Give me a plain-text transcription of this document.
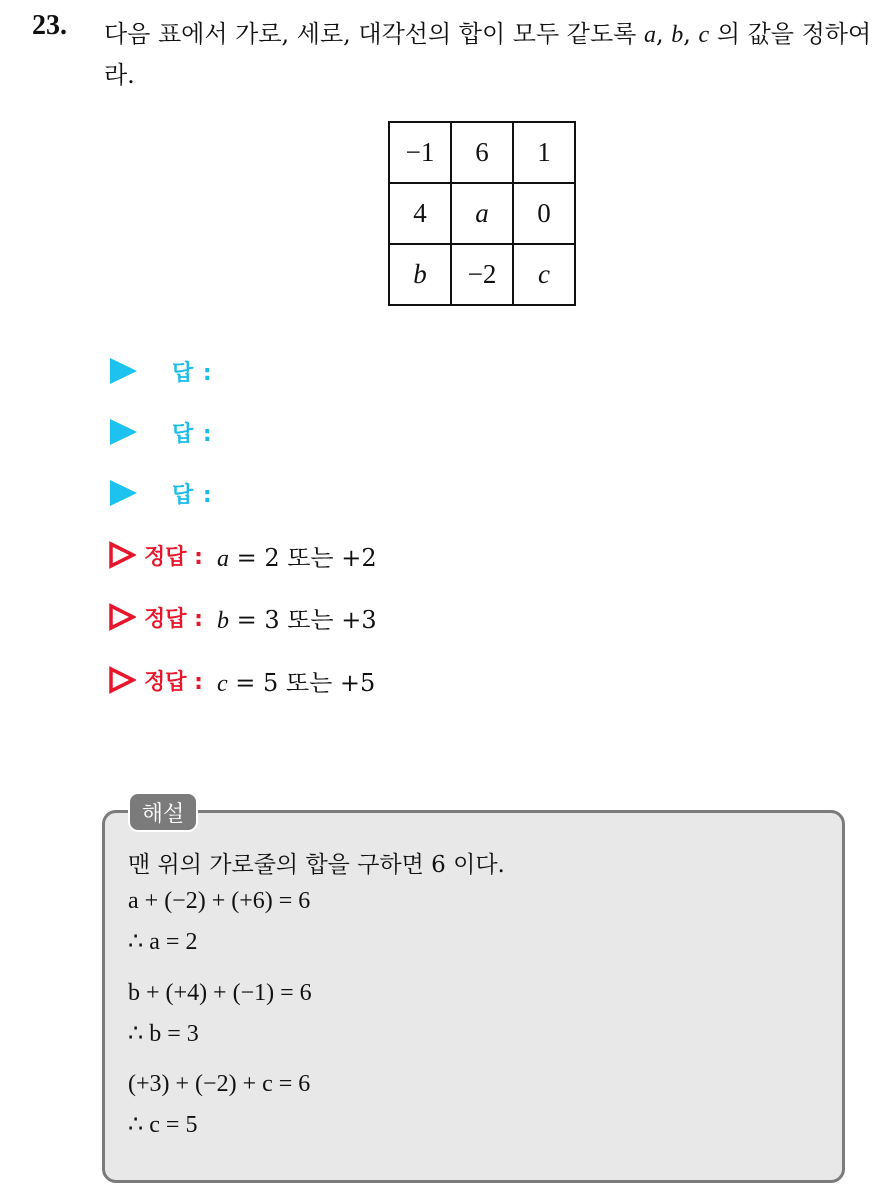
23. 다음 표에서 가로, 세로, 대각선의 합이 모두 같도록 a, b, c 의 값을 정하여라.
−1	6	1
4	a	0
b	−2	c
답 :
답 :
답 :
정답 : a = 2 또는 +2
정답 : b = 3 또는 +3
정답 : c = 5 또는 +5
해설
맨 위의 가로줄의 합을 구하면 6 이다.
a + (−2) + (+6) = 6
∴ a = 2
b + (+4) + (−1) = 6
∴ b = 3
(+3) + (−2) + c = 6
∴ c = 5
